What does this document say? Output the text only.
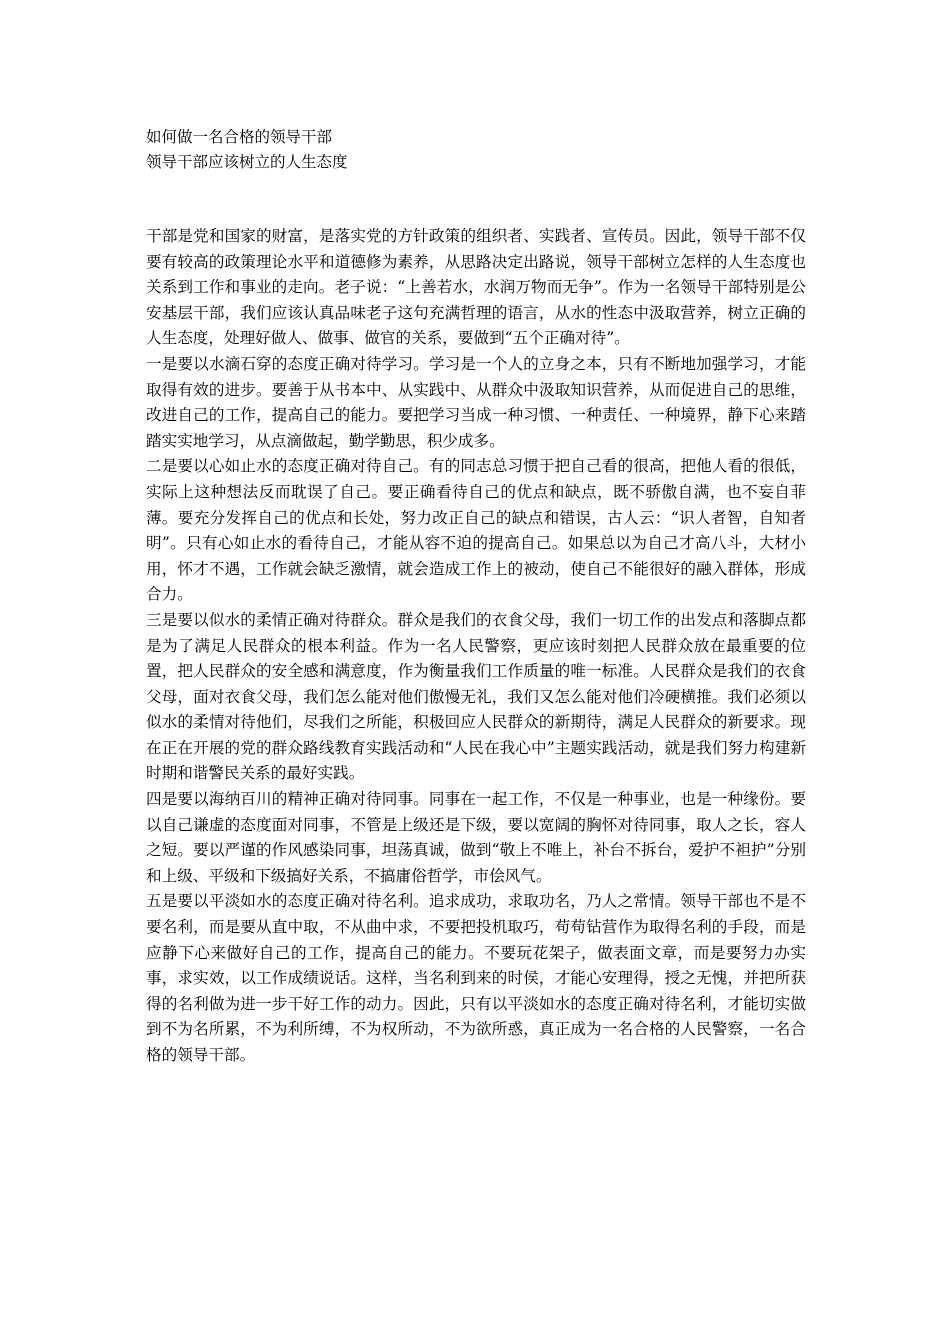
如何做一名合格的领导干部
领导干部应该树立的人生态度

干部是党和国家的财富，是落实党的方针政策的组织者、实践者、宣传员。因此，领导干部不仅要有较高的政策理论水平和道德修为素养，从思路决定出路说，领导干部树立怎样的人生态度也关系到工作和事业的走向。老子说：“上善若水，水润万物而无争”。作为一名领导干部特别是公安基层干部，我们应该认真品味老子这句充满哲理的语言，从水的性态中汲取营养，树立正确的人生态度，处理好做人、做事、做官的关系，要做到“五个正确对待”。

一是要以水滴石穿的态度正确对待学习。学习是一个人的立身之本，只有不断地加强学习，才能取得有效的进步。要善于从书本中、从实践中、从群众中汲取知识营养，从而促进自己的思维，改进自己的工作，提高自己的能力。要把学习当成一种习惯、一种责任、一种境界，静下心来踏踏实实地学习，从点滴做起，勤学勤思，积少成多。

二是要以心如止水的态度正确对待自己。有的同志总习惯于把自己看的很高，把他人看的很低，实际上这种想法反而耽误了自己。要正确看待自己的优点和缺点，既不骄傲自满，也不妄自菲薄。要充分发挥自己的优点和长处，努力改正自己的缺点和错误，古人云：“识人者智，自知者明”。只有心如止水的看待自己，才能从容不迫的提高自己。如果总以为自己才高八斗，大材小用，怀才不遇，工作就会缺乏激情，就会造成工作上的被动，使自己不能很好的融入群体，形成合力。

三是要以似水的柔情正确对待群众。群众是我们的衣食父母，我们一切工作的出发点和落脚点都是为了满足人民群众的根本利益。作为一名人民警察，更应该时刻把人民群众放在最重要的位置，把人民群众的安全感和满意度，作为衡量我们工作质量的唯一标准。人民群众是我们的衣食父母，面对衣食父母，我们怎么能对他们傲慢无礼，我们又怎么能对他们冷硬横推。我们必须以似水的柔情对待他们，尽我们之所能，积极回应人民群众的新期待，满足人民群众的新要求。现在正在开展的党的群众路线教育实践活动和“人民在我心中”主题实践活动，就是我们努力构建新时期和谐警民关系的最好实践。

四是要以海纳百川的精神正确对待同事。同事在一起工作，不仅是一种事业，也是一种缘份。要以自己谦虚的态度面对同事，不管是上级还是下级，要以宽阔的胸怀对待同事，取人之长，容人之短。要以严谨的作风感染同事，坦荡真诚，做到“敬上不唯上，补台不拆台，爱护不袒护”分别和上级、平级和下级搞好关系，不搞庸俗哲学，市侩风气。

五是要以平淡如水的态度正确对待名利。追求成功，求取功名，乃人之常情。领导干部也不是不要名利，而是要从直中取，不从曲中求，不要把投机取巧，苟苟钻营作为取得名利的手段，而是应静下心来做好自己的工作，提高自己的能力。不要玩花架子，做表面文章，而是要努力办实事，求实效，以工作成绩说话。这样，当名利到来的时侯，才能心安理得，授之无愧，并把所获得的名利做为进一步干好工作的动力。因此，只有以平淡如水的态度正确对待名利，才能切实做到不为名所累，不为利所缚，不为权所动，不为欲所惑，真正成为一名合格的人民警察，一名合格的领导干部。
